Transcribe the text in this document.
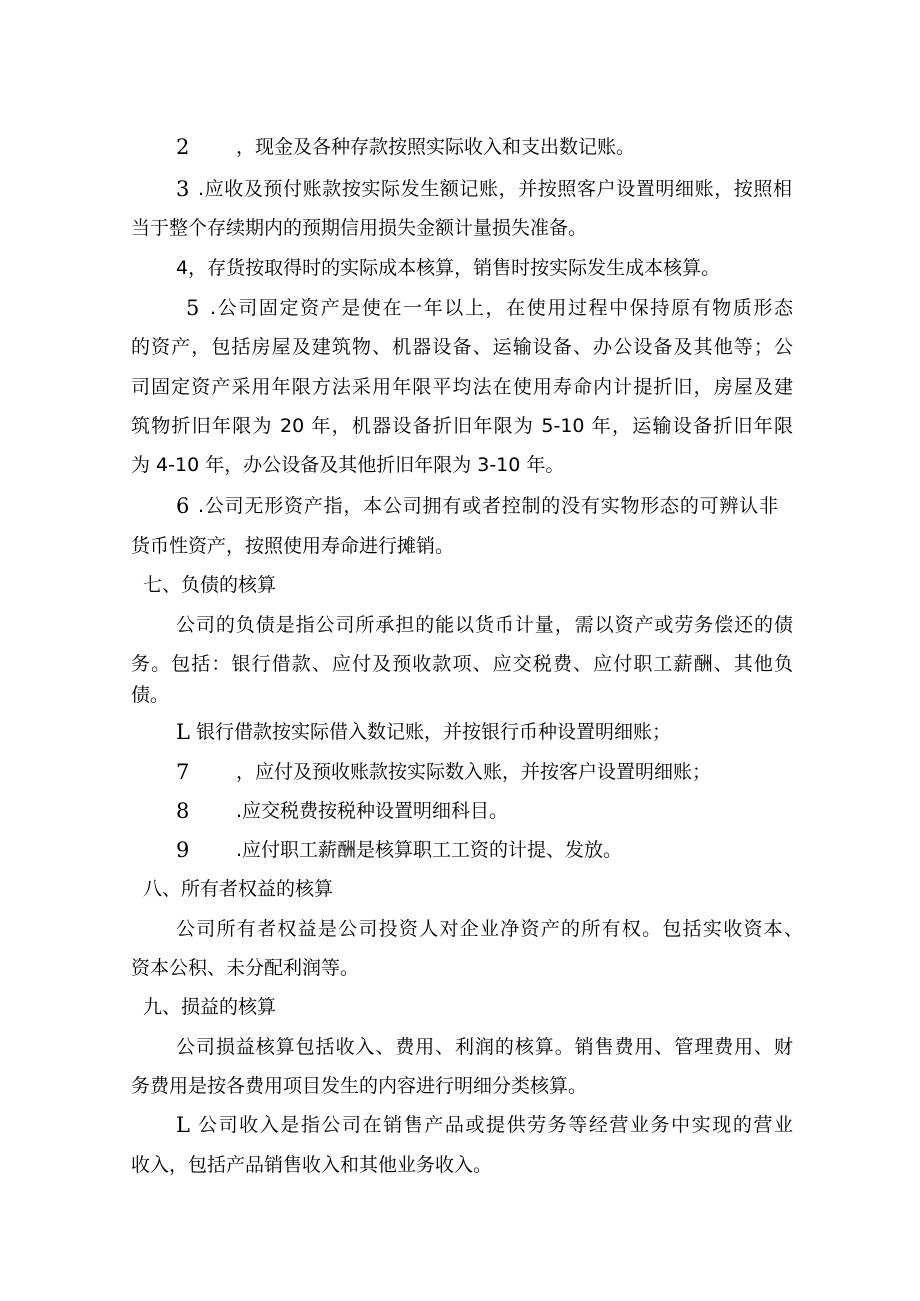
2 ，现金及各种存款按照实际收入和支出数记账。
3 .应收及预付账款按实际发生额记账，并按照客户设置明细账，按照相
当于整个存续期内的预期信用损失金额计量损失准备。
4，存货按取得时的实际成本核算，销售时按实际发生成本核算。
5 .公司固定资产是使在一年以上，在使用过程中保持原有物质形态
的资产，包括房屋及建筑物、机器设备、运输设备、办公设备及其他等；公
司固定资产采用年限方法采用年限平均法在使用寿命内计提折旧，房屋及建
筑物折旧年限为 20 年，机器设备折旧年限为 5-10 年，运输设备折旧年限
为 4-10 年，办公设备及其他折旧年限为 3-10 年。
6 .公司无形资产指，本公司拥有或者控制的没有实物形态的可辨认非
货币性资产，按照使用寿命进行摊销。
七、负债的核算
公司的负债是指公司所承担的能以货币计量，需以资产或劳务偿还的债
务。包括：银行借款、应付及预收款项、应交税费、应付职工薪酬、其他负
债。
L 银行借款按实际借入数记账，并按银行币种设置明细账；
7 ，应付及预收账款按实际数入账，并按客户设置明细账；
8 .应交税费按税种设置明细科目。
9 .应付职工薪酬是核算职工工资的计提、发放。
八、所有者权益的核算
公司所有者权益是公司投资人对企业净资产的所有权。包括实收资本、
资本公积、未分配利润等。
九、损益的核算
公司损益核算包括收入、费用、利润的核算。销售费用、管理费用、财
务费用是按各费用项目发生的内容进行明细分类核算。
L 公司收入是指公司在销售产品或提供劳务等经营业务中实现的营业
收入，包括产品销售收入和其他业务收入。
